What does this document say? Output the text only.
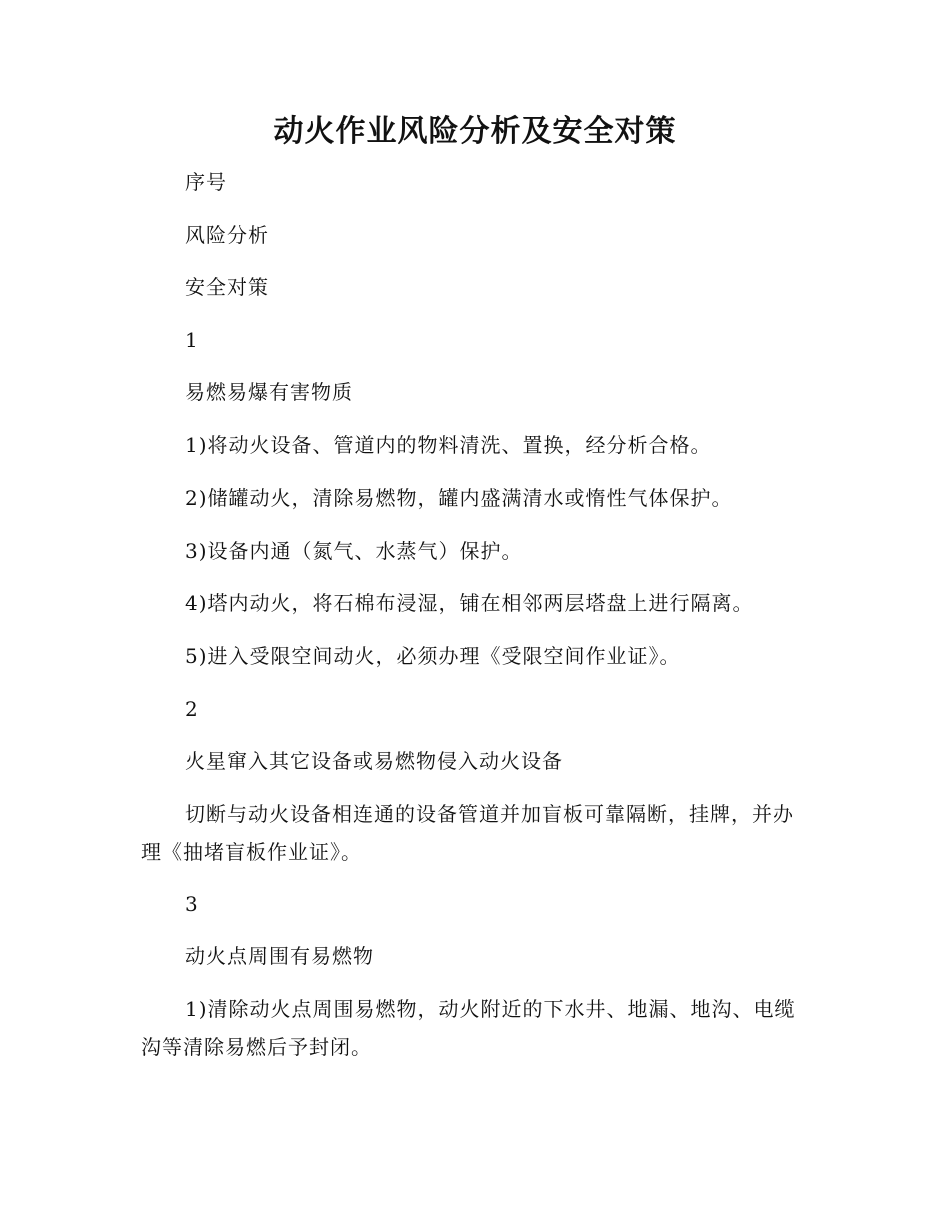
动火作业风险分析及安全对策

序号

风险分析

安全对策

1

易燃易爆有害物质

1)将动火设备、管道内的物料清洗、置换，经分析合格。

2)储罐动火，清除易燃物，罐内盛满清水或惰性气体保护。

3)设备内通（氮气、水蒸气）保护。

4)塔内动火，将石棉布浸湿，铺在相邻两层塔盘上进行隔离。

5)进入受限空间动火，必须办理《受限空间作业证》。

2

火星窜入其它设备或易燃物侵入动火设备

切断与动火设备相连通的设备管道并加盲板可靠隔断，挂牌，并办理《抽堵盲板作业证》。

3

动火点周围有易燃物

1)清除动火点周围易燃物，动火附近的下水井、地漏、地沟、电缆沟等清除易燃后予封闭。
